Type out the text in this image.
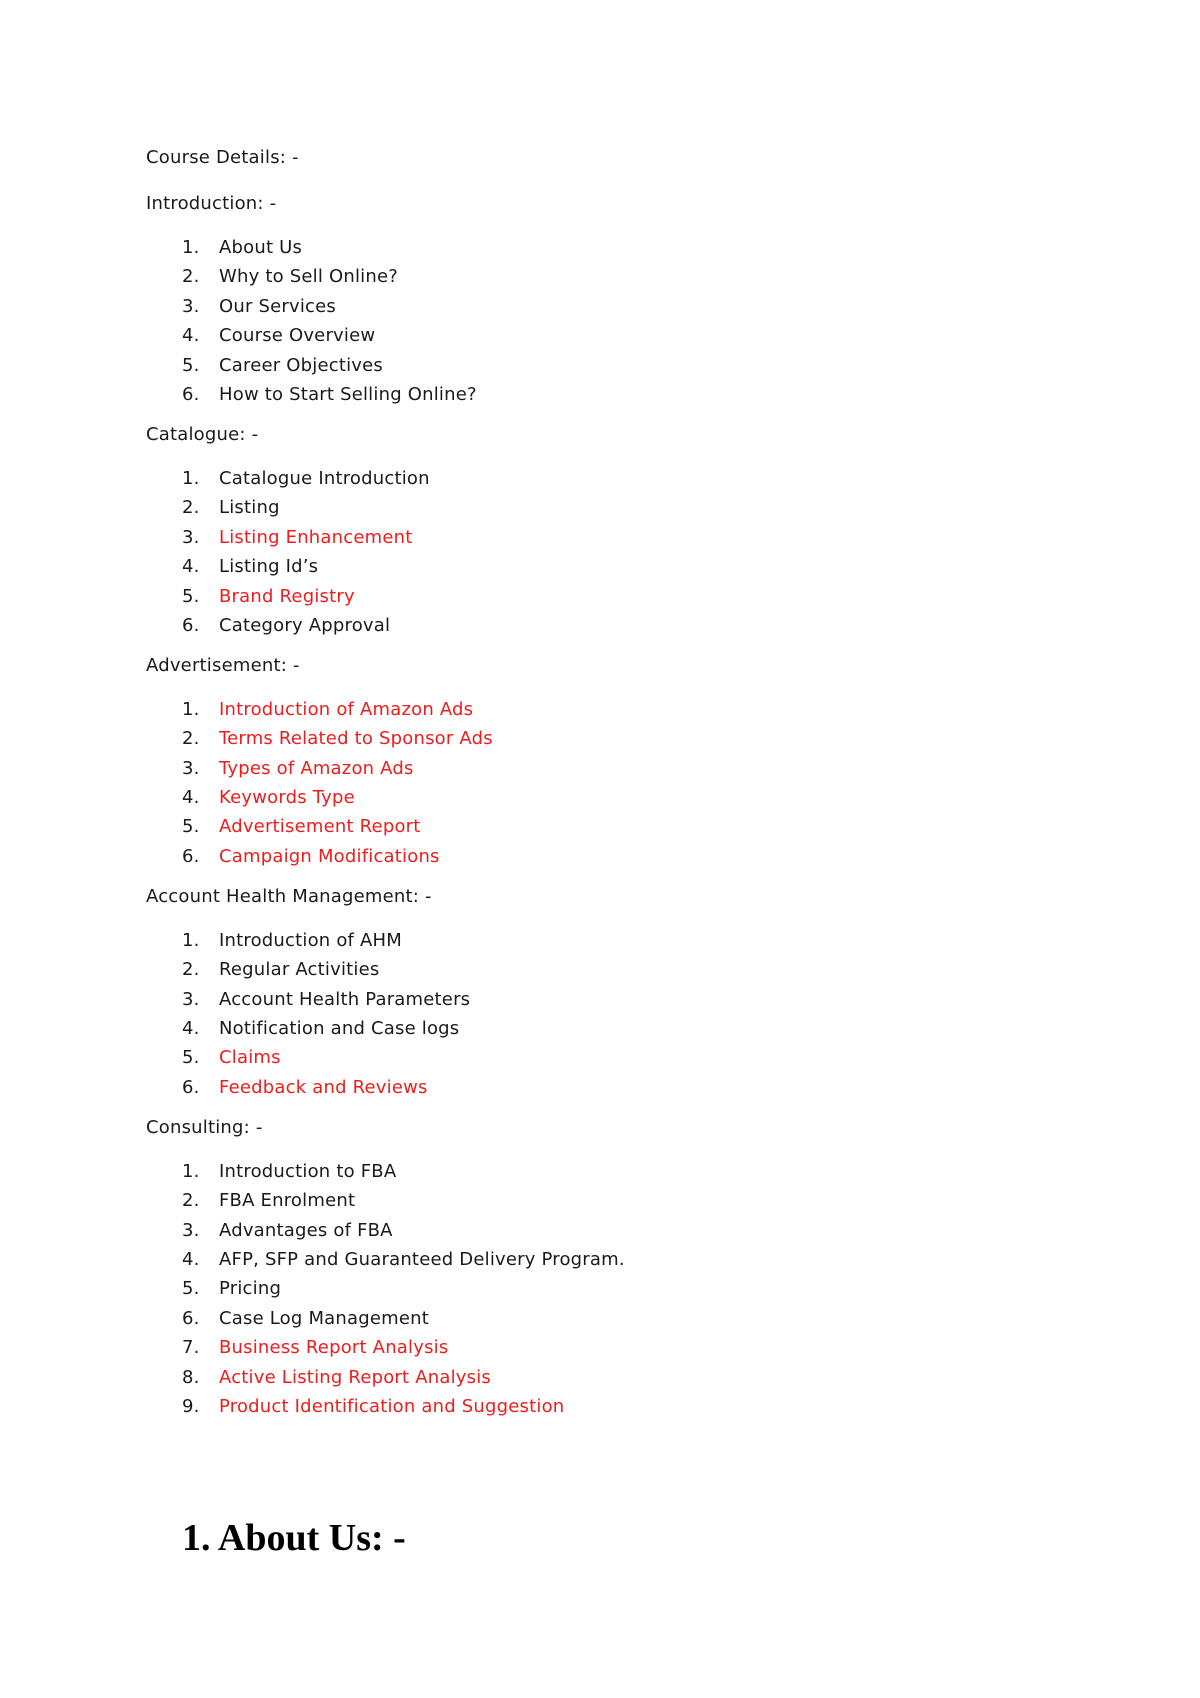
Course Details: -

Introduction: -

1.	About Us
2.	Why to Sell Online?
3.	Our Services
4.	Course Overview
5.	Career Objectives
6.	How to Start Selling Online?

Catalogue: -

1.	Catalogue Introduction
2.	Listing
3.	Listing Enhancement
4.	Listing Id’s
5.	Brand Registry
6.	Category Approval

Advertisement: -

1.	Introduction of Amazon Ads
2.	Terms Related to Sponsor Ads
3.	Types of Amazon Ads
4.	Keywords Type
5.	Advertisement Report
6.	Campaign Modifications

Account Health Management: -

1.	Introduction of AHM
2.	Regular Activities
3.	Account Health Parameters
4.	Notification and Case logs
5.	Claims
6.	Feedback and Reviews

Consulting: -

1.	Introduction to FBA
2.	FBA Enrolment
3.	Advantages of FBA
4.	AFP, SFP and Guaranteed Delivery Program.
5.	Pricing
6.	Case Log Management
7.	Business Report Analysis
8.	Active Listing Report Analysis
9.	Product Identification and Suggestion
1. About Us: -
